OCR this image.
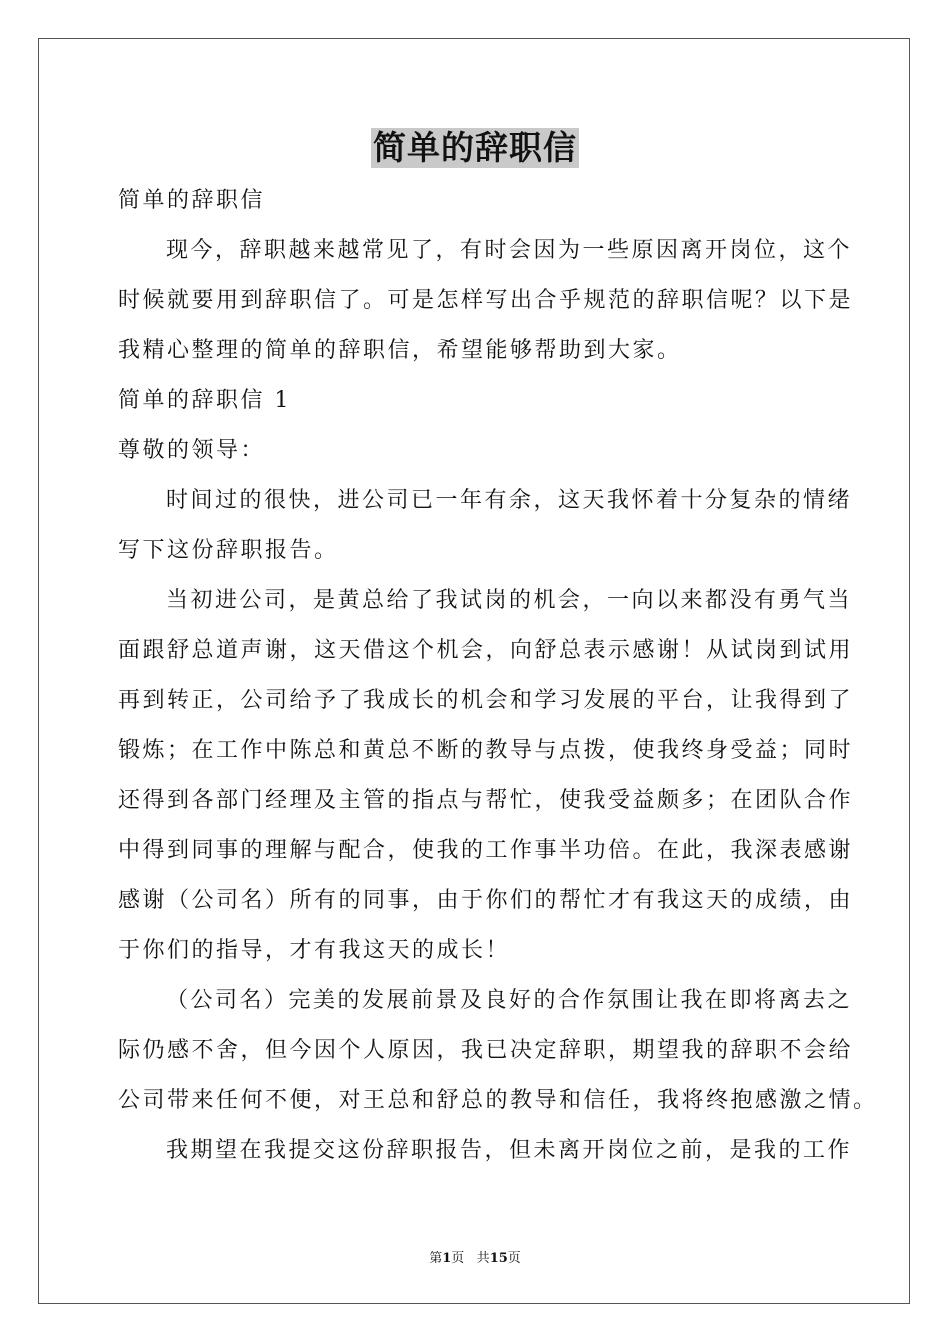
简单的辞职信
简单的辞职信
现今，辞职越来越常见了，有时会因为一些原因离开岗位，这个
时候就要用到辞职信了。可是怎样写出合乎规范的辞职信呢？以下是
我精心整理的简单的辞职信，希望能够帮助到大家。
简单的辞职信 1
尊敬的领导：
时间过的很快，进公司已一年有余，这天我怀着十分复杂的情绪
写下这份辞职报告。
当初进公司，是黄总给了我试岗的机会，一向以来都没有勇气当
面跟舒总道声谢，这天借这个机会，向舒总表示感谢！从试岗到试用
再到转正，公司给予了我成长的机会和学习发展的平台，让我得到了
锻炼；在工作中陈总和黄总不断的教导与点拨，使我终身受益；同时
还得到各部门经理及主管的指点与帮忙，使我受益颇多；在团队合作
中得到同事的理解与配合，使我的工作事半功倍。在此，我深表感谢
感谢（公司名）所有的同事，由于你们的帮忙才有我这天的成绩，由
于你们的指导，才有我这天的成长！
（公司名）完美的发展前景及良好的合作氛围让我在即将离去之
际仍感不舍，但今因个人原因，我已决定辞职，期望我的辞职不会给
公司带来任何不便，对王总和舒总的教导和信任，我将终抱感激之情。
我期望在我提交这份辞职报告，但未离开岗位之前，是我的工作
第1页 共15页
